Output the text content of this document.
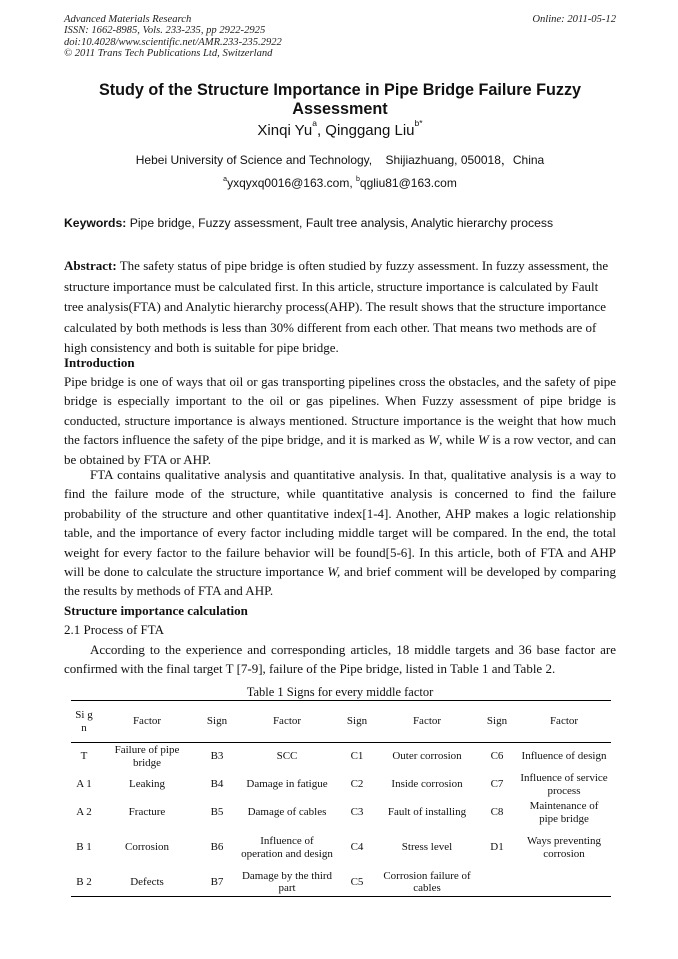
Advanced Materials Research
ISSN: 1662-8985, Vols. 233-235, pp 2922-2925
doi:10.4028/www.scientific.net/AMR.233-235.2922
© 2011 Trans Tech Publications Ltd, Switzerland
Online: 2011-05-12
Study of the Structure Importance in Pipe Bridge Failure Fuzzy Assessment
Xinqi Yu$^a$, Qinggang Liu$^{b*}$
Hebei University of Science and Technology,    Shijiazhuang, 050018，China
$^a$yxqyxq0016@163.com, $^b$qgliu81@163.com
Keywords: Pipe bridge, Fuzzy assessment, Fault tree analysis, Analytic hierarchy process
Abstract: The safety status of pipe bridge is often studied by fuzzy assessment. In fuzzy assessment, the structure importance must be calculated first. In this article, structure importance is calculated by Fault tree analysis(FTA) and Analytic hierarchy process(AHP). The result shows that the structure importance calculated by both methods is less than 30% different from each other. That means two methods are of high consistency and both is suitable for pipe bridge.
Introduction
Pipe bridge is one of ways that oil or gas transporting pipelines cross the obstacles, and the safety of pipe bridge is especially important to the oil or gas pipelines. When Fuzzy assessment of pipe bridge is conducted, structure importance is always mentioned. Structure importance is the weight that how much the factors influence the safety of the pipe bridge, and it is marked as W, while W is a row vector, and can be obtained by FTA or AHP.
FTA contains qualitative analysis and quantitative analysis. In that, qualitative analysis is a way to find the failure mode of the structure, while quantitative analysis is concerned to find the failure probability of the structure and other quantitative index[1-4]. Another, AHP makes a logic relationship table, and the importance of every factor including middle target will be compared. In the end, the total weight for every factor to the failure behavior will be found[5-6]. In this article, both of FTA and AHP will be done to calculate the structure importance W, and brief comment will be developed by comparing the results by methods of FTA and AHP.
Structure importance calculation
2.1 Process of FTA
According to the experience and corresponding articles, 18 middle targets and 36 base factor are confirmed with the final target T [7-9], failure of the Pipe bridge, listed in Table 1 and Table 2.
Table 1 Signs for every middle factor
Si g n	Factor	Sign	Factor	Sign	Factor	Sign	Factor
T	Failure of pipe bridge	B3	SCC	C1	Outer corrosion	C6	Influence of design
A 1	Leaking	B4	Damage in fatigue	C2	Inside corrosion	C7	Influence of service process
A 2	Fracture	B5	Damage of cables	C3	Fault of installing	C8	Maintenance of pipe bridge
B 1	Corrosion	B6	Influence of operation and design	C4	Stress level	D1	Ways preventing corrosion
B 2	Defects	B7	Damage by the third part	C5	Corrosion failure of cables		
